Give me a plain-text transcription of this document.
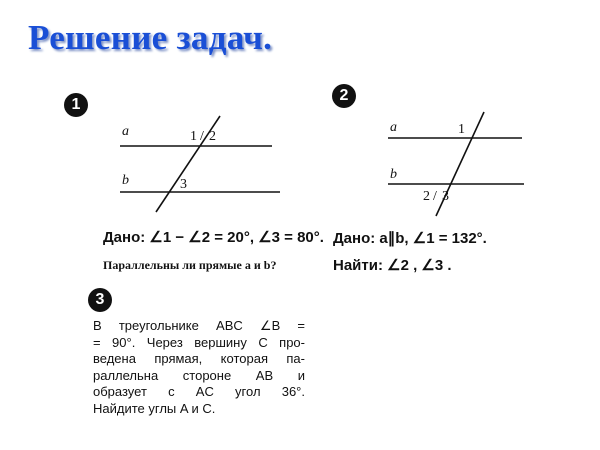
Решение задач.
1
a
b
1 / 2
3
Дано: ∠1 − ∠2 = 20°, ∠3 = 80°.
Параллельны ли прямые a и b?
2
a
b
1
2 / 3
Дано: a∥b, ∠1 = 132°.
Найти: ∠2 , ∠3 .
3
В треугольнике ABC ∠B =
= 90°. Через вершину C про-
ведена прямая, которая па-
раллельна стороне AB и
образует с AC угол 36°.
Найдите углы A и C.
